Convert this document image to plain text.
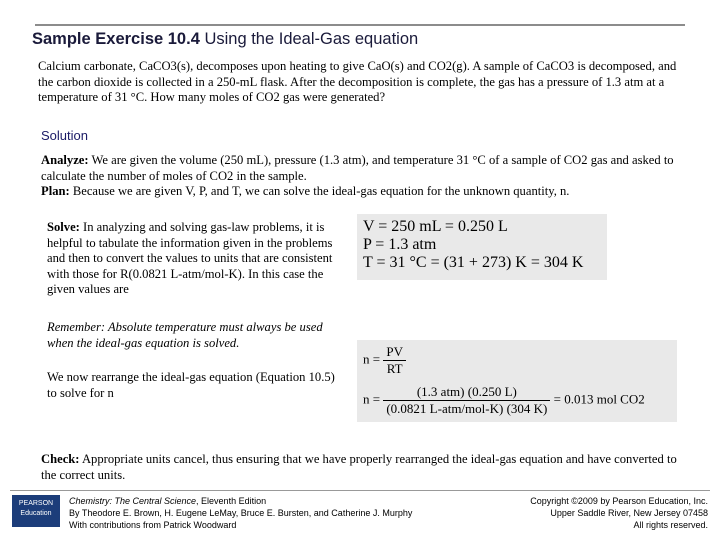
Sample Exercise 10.4 Using the Ideal-Gas equation
Calcium carbonate, CaCO3(s), decomposes upon heating to give CaO(s) and CO2(g). A sample of CaCO3 is decomposed, and the carbon dioxide is collected in a 250-mL flask. After the decomposition is complete, the gas has a pressure of 1.3 atm at a temperature of 31 °C. How many moles of CO2 gas were generated?
Solution
Analyze: We are given the volume (250 mL), pressure (1.3 atm), and temperature 31 °C of a sample of CO2 gas and asked to calculate the number of moles of CO2 in the sample.
Plan: Because we are given V, P, and T, we can solve the ideal-gas equation for the unknown quantity, n.
Solve: In analyzing and solving gas-law problems, it is helpful to tabulate the information given in the problems and then to convert the values to units that are consistent with those for R(0.0821 L-atm/mol-K). In this case the given values are
V = 250 mL = 0.250 L
P = 1.3 atm
T = 31 °C = (31 + 273) K = 304 K
Remember: Absolute temperature must always be used when the ideal-gas equation is solved.
We now rearrange the ideal-gas equation (Equation 10.5) to solve for n
$n = \frac{PV}{RT}$
$n = \frac{\text{(1.3 atm) (0.250 L)}}{\text{(0.0821 L-atm/mol-K) (304 K)}} = 0.013$ mol CO2
Check: Appropriate units cancel, thus ensuring that we have properly rearranged the ideal-gas equation and have converted to the correct units.
PEARSON
Education
Chemistry: The Central Science, Eleventh Edition
By Theodore E. Brown, H. Eugene LeMay, Bruce E. Bursten, and Catherine J. Murphy
With contributions from Patrick Woodward
Copyright ©2009 by Pearson Education, Inc.
Upper Saddle River, New Jersey 07458
All rights reserved.
